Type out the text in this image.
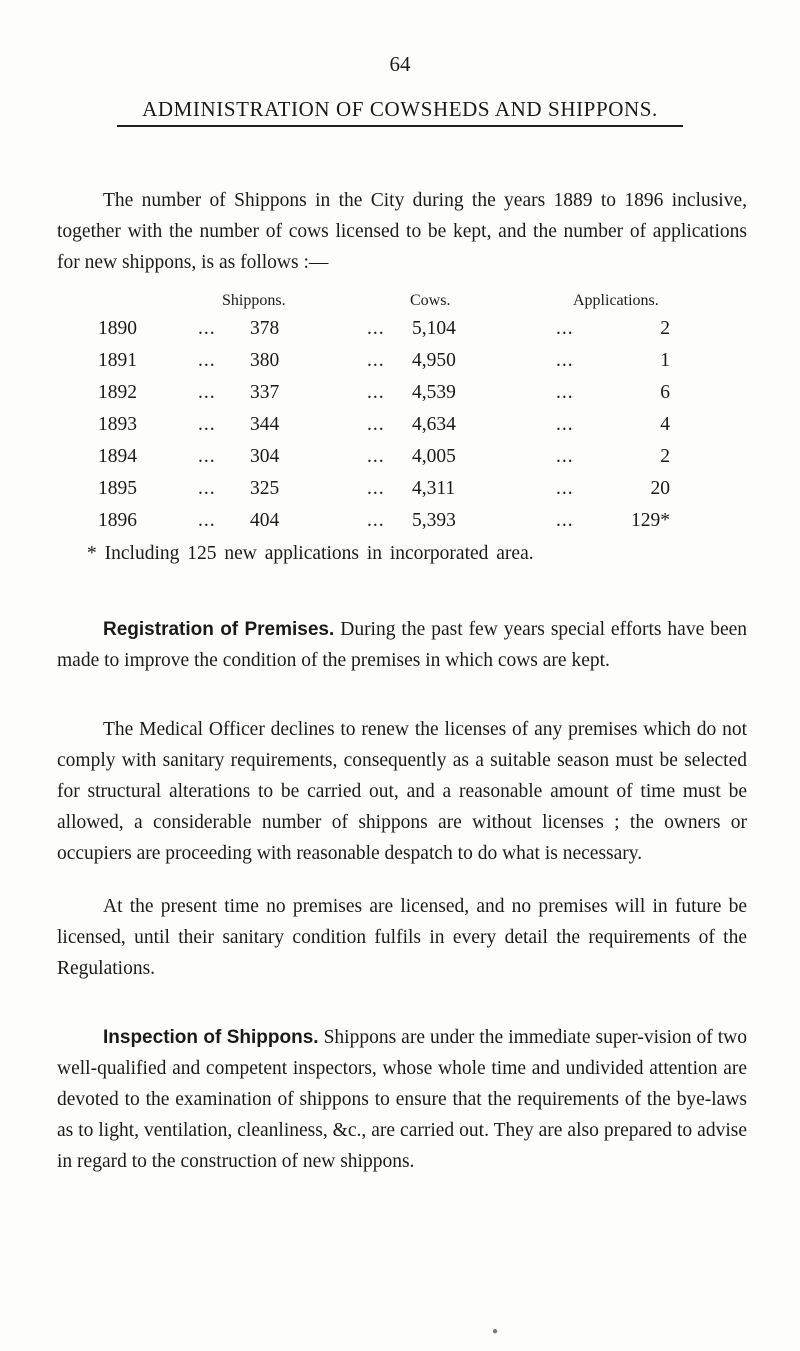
64
ADMINISTRATION OF COWSHEDS AND SHIPPONS.

The number of Shippons in the City during the years 1889 to 1896 inclusive, together with the number of cows licensed to be kept, and the number of applications for new shippons, is as follows :—

Shippons.	Cows.	Applications.
1890	... 378	... 5,104	...	2
1891	... 380	... 4,950	...	1
1892	... 337	... 4,539	...	6
1893	... 344	... 4,634	...	4
1894	... 304	... 4,005	...	2
1895	... 325	... 4,311	...	20
1896	... 404	... 5,393	...	129*
* Including 125 new applications in incorporated area.

Registration of Premises. During the past few years special efforts have been made to improve the condition of the premises in which cows are kept.

The Medical Officer declines to renew the licenses of any premises which do not comply with sanitary requirements, consequently as a suitable season must be selected for structural alterations to be carried out, and a reasonable amount of time must be allowed, a considerable number of shippons are without licenses ; the owners or occupiers are proceeding with reasonable despatch to do what is necessary.

At the present time no premises are licensed, and no premises will in future be licensed, until their sanitary condition fulfils in every detail the requirements of the Regulations.

Inspection of Shippons. Shippons are under the immediate super-vision of two well-qualified and competent inspectors, whose whole time and undivided attention are devoted to the examination of shippons to ensure that the requirements of the bye-laws as to light, ventilation, cleanliness, &c., are carried out. They are also prepared to advise in regard to the construction of new shippons.

●
